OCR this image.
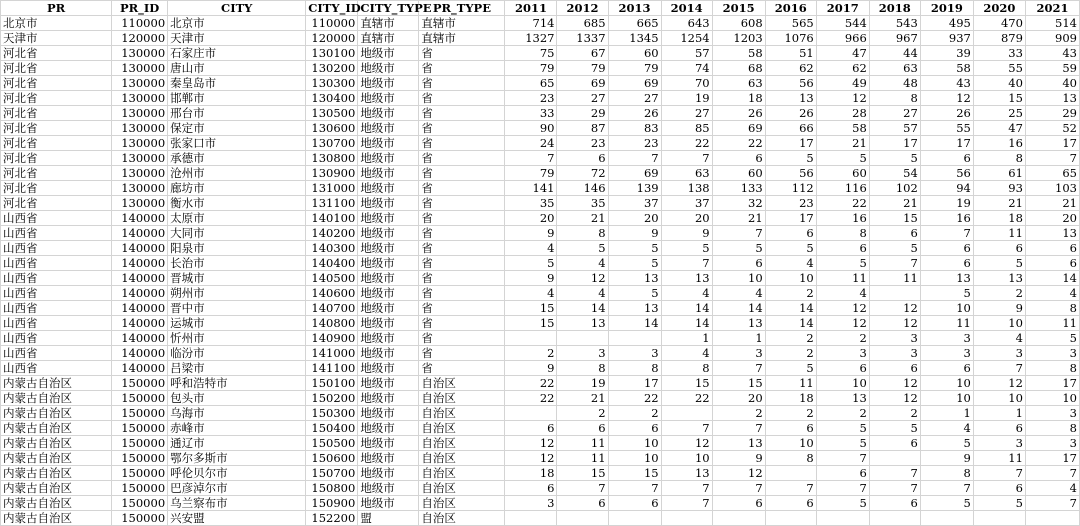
PR	PR_ID	CITY	CITY_ID	CITY_TYPE	PR_TYPE	2011	2012	2013	2014	2015	2016	2017	2018	2019	2020	2021
北京市	110000	北京市	110000	直辖市	直辖市	714	685	665	643	608	565	544	543	495	470	514
天津市	120000	天津市	120000	直辖市	直辖市	1327	1337	1345	1254	1203	1076	966	967	937	879	909
河北省	130000	石家庄市	130100	地级市	省	75	67	60	57	58	51	47	44	39	33	43
河北省	130000	唐山市	130200	地级市	省	79	79	79	74	68	62	62	63	58	55	59
河北省	130000	秦皇岛市	130300	地级市	省	65	69	69	70	63	56	49	48	43	40	40
河北省	130000	邯郸市	130400	地级市	省	23	27	27	19	18	13	12	8	12	15	13
河北省	130000	邢台市	130500	地级市	省	33	29	26	27	26	26	28	27	26	25	29
河北省	130000	保定市	130600	地级市	省	90	87	83	85	69	66	58	57	55	47	52
河北省	130000	张家口市	130700	地级市	省	24	23	23	22	22	17	21	17	17	16	17
河北省	130000	承德市	130800	地级市	省	7	6	7	7	6	5	5	5	6	8	7
河北省	130000	沧州市	130900	地级市	省	79	72	69	63	60	56	60	54	56	61	65
河北省	130000	廊坊市	131000	地级市	省	141	146	139	138	133	112	116	102	94	93	103
河北省	130000	衡水市	131100	地级市	省	35	35	37	37	32	23	22	21	19	21	21
山西省	140000	太原市	140100	地级市	省	20	21	20	20	21	17	16	15	16	18	20
山西省	140000	大同市	140200	地级市	省	9	8	9	9	7	6	8	6	7	11	13
山西省	140000	阳泉市	140300	地级市	省	4	5	5	5	5	5	6	5	6	6	6
山西省	140000	长治市	140400	地级市	省	5	4	5	7	6	4	5	7	6	5	6
山西省	140000	晋城市	140500	地级市	省	9	12	13	13	10	10	11	11	13	13	14
山西省	140000	朔州市	140600	地级市	省	4	4	5	4	4	2	4		5	2	4
山西省	140000	晋中市	140700	地级市	省	15	14	13	14	14	14	12	12	10	9	8
山西省	140000	运城市	140800	地级市	省	15	13	14	14	13	14	12	12	11	10	11
山西省	140000	忻州市	140900	地级市	省				1	1	2	2	3	3	4	5
山西省	140000	临汾市	141000	地级市	省	2	3	3	4	3	2	3	3	3	3	3
山西省	140000	吕梁市	141100	地级市	省	9	8	8	8	7	5	6	6	6	7	8
内蒙古自治区	150000	呼和浩特市	150100	地级市	自治区	22	19	17	15	15	11	10	12	10	12	17
内蒙古自治区	150000	包头市	150200	地级市	自治区	22	21	22	22	20	18	13	12	10	10	10
内蒙古自治区	150000	乌海市	150300	地级市	自治区		2	2		2	2	2	2	1	1	3
内蒙古自治区	150000	赤峰市	150400	地级市	自治区	6	6	6	7	7	6	5	5	4	6	8
内蒙古自治区	150000	通辽市	150500	地级市	自治区	12	11	10	12	13	10	5	6	5	3	3
内蒙古自治区	150000	鄂尔多斯市	150600	地级市	自治区	12	11	10	10	9	8	7		9	11	17
内蒙古自治区	150000	呼伦贝尔市	150700	地级市	自治区	18	15	15	13	12		6	7	8	7	7
内蒙古自治区	150000	巴彦淖尔市	150800	地级市	自治区	6	7	7	7	7	7	7	7	7	6	4
内蒙古自治区	150000	乌兰察布市	150900	地级市	自治区	3	6	6	7	6	6	5	6	5	5	7
内蒙古自治区	150000	兴安盟	152200	盟	自治区											
